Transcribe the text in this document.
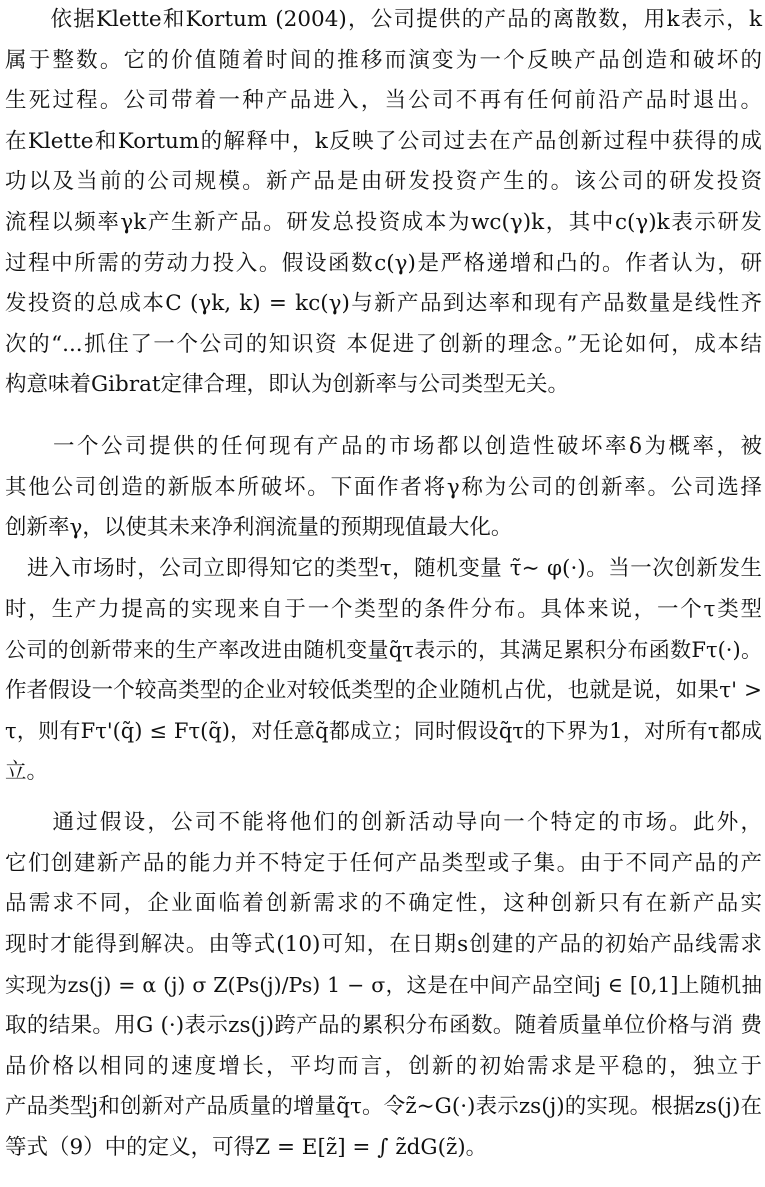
　　依据Klette和Kortum (2004)，公司提供的产品的离散数，用k表示，k
属于整数。它的价值随着时间的推移而演变为一个反映产品创造和破坏的
生死过程。公司带着一种产品进入，当公司不再有任何前沿产品时退出。
在Klette和Kortum的解释中，k反映了公司过去在产品创新过程中获得的成
功以及当前的公司规模。新产品是由研发投资产生的。该公司的研发投资
流程以频率γk产生新产品。研发总投资成本为wc(γ)k，其中c(γ)k表示研发
过程中所需的劳动力投入。假设函数c(γ)是严格递增和凸的。作者认为，研
发投资的总成本C (γk, k) = kc(γ)与新产品到达率和现有产品数量是线性齐
次的“...抓住了一个公司的知识资 本促进了创新的理念。”无论如何，成本结
构意味着Gibrat定律合理，即认为创新率与公司类型无关。
　　一个公司提供的任何现有产品的市场都以创造性破坏率δ为概率，被
其他公司创造的新版本所破坏。下面作者将γ称为公司的创新率。公司选择
创新率γ，以使其未来净利润流量的预期现值最大化。
　进入市场时，公司立即得知它的类型τ，随机变量 τ̃∼ φ(·)。当一次创新发生
时，生产力提高的实现来自于一个类型的条件分布。具体来说，一个τ类型
公司的创新带来的生产率改进由随机变量q̃τ表示的，其满足累积分布函数Fτ(·)。
作者假设一个较高类型的企业对较低类型的企业随机占优，也就是说，如果τ' >
τ，则有Fτ'(q̃) ≤ Fτ(q̃)，对任意q̃都成立；同时假设q̃τ的下界为1，对所有τ都成
立。
　　通过假设，公司不能将他们的创新活动导向一个特定的市场。此外，
它们创建新产品的能力并不特定于任何产品类型或子集。由于不同产品的产
品需求不同，企业面临着创新需求的不确定性，这种创新只有在新产品实
现时才能得到解决。由等式(10)可知，在日期s创建的产品的初始产品线需求
实现为zs(j) = α (j) σ Z(Ps(j)/Ps) 1 − σ，这是在中间产品空间j ∈ [0,1]上随机抽
取的结果。用G (·)表示zs(j)跨产品的累积分布函数。随着质量单位价格与消 费
品价格以相同的速度增长，平均而言，创新的初始需求是平稳的，独立于
产品类型j和创新对产品质量的增量q̃τ。令z̃∼G(·)表示zs(j)的实现。根据zs(j)在
等式（9）中的定义，可得Z = E[z̃] = ∫ z̃dG(z̃)。
